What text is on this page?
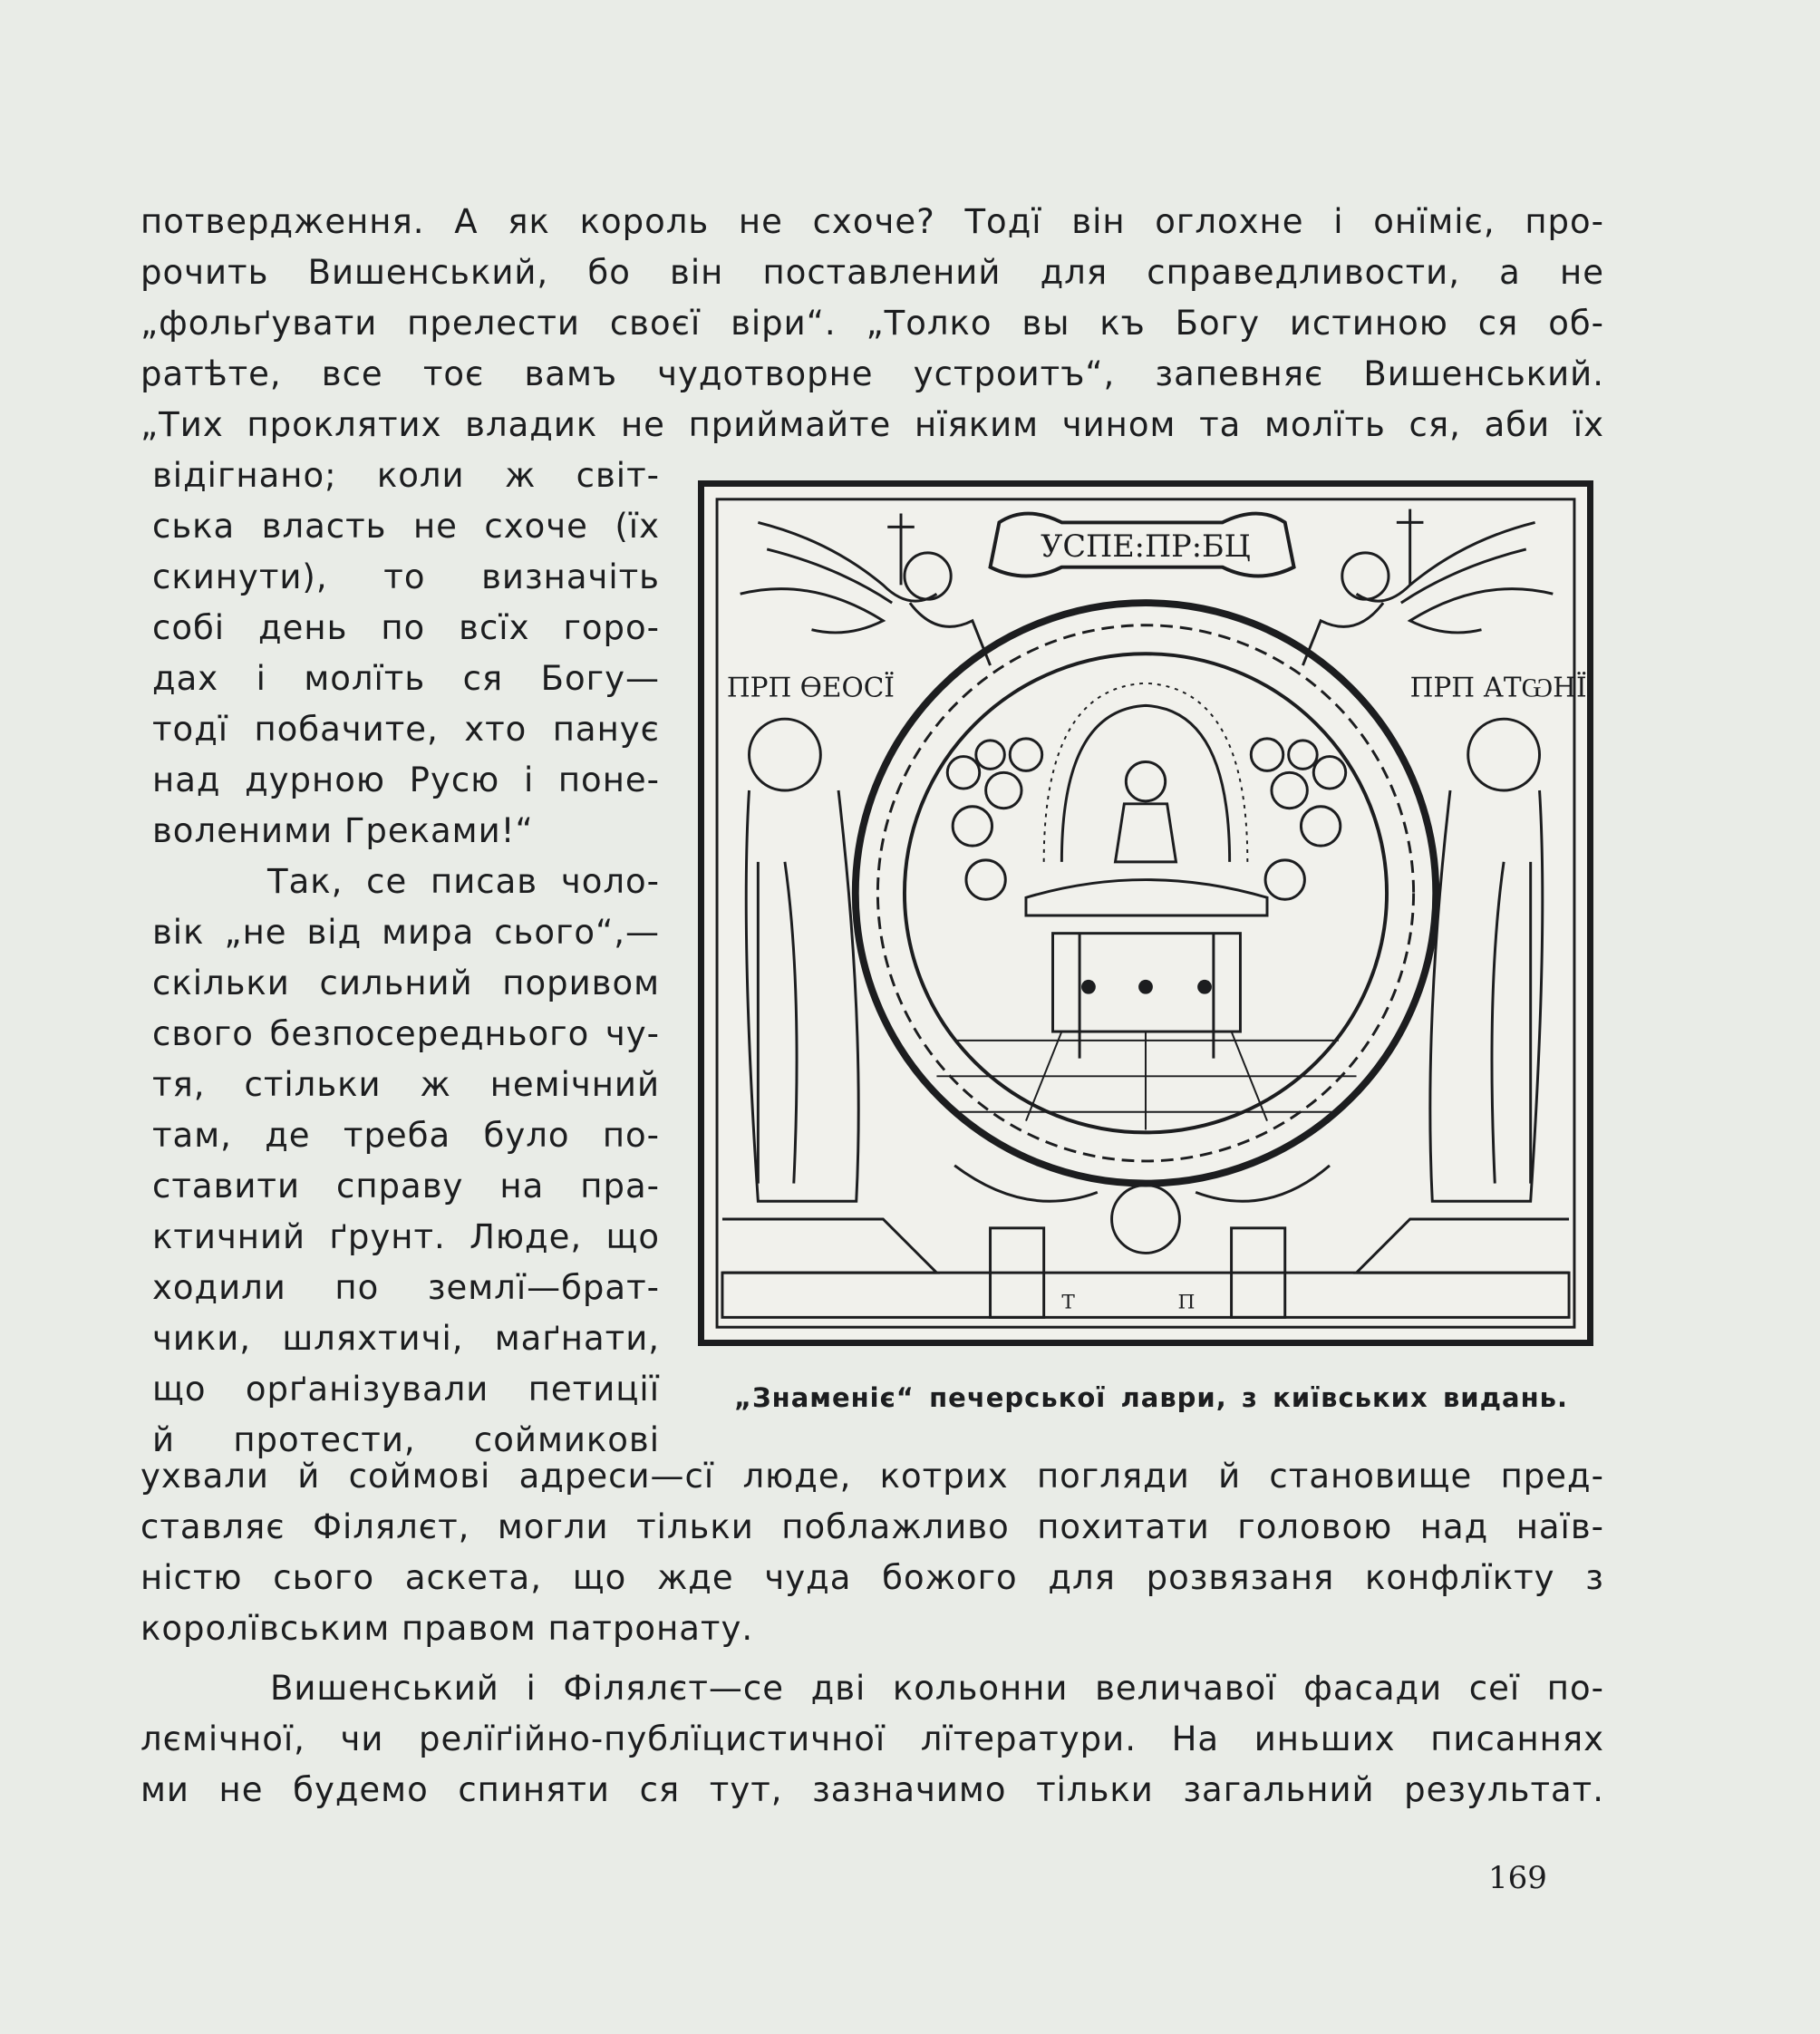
потвердження. А як король не схоче? Тодї він оглохне і онїміє, про-
рочить Вишенський, бо він поставлений для справедливости, а не
„фольґувати прелести своєї віри“. „Толко вы къ Богу истиною ся об-
ратѣте, все тоє вамъ чудотворне устроитъ“, запевняє Вишенський.
„Тих проклятих владик не приймайте нїяким чином та молїть ся, аби їх
відігнано; коли ж світ-
ська власть не схоче (їх
скинути), то визначіть
собі день по всїх горо-
дах і молїть ся Богу—
тодї побачите, хто панує
над дурною Русю і поне-
воленими Греками!“
Так, се писав чоло-
вік „не від мира сього“,—
скільки сильний поривом
свого безпосереднього чу-
тя, стільки ж немічний
там, де треба було по-
ставити справу на пра-
ктичний ґрунт. Люде, що
ходили по землї—брат-
чики, шляхтичі, маґнати,
що орґанізували петиції
й протести, соймикові
УСПЕ:ПР:БЦ
ПРП ѲЕОСЇ	ПРП АТѠНЇ
Т	П
„Знаменіє“ печерської лаври, з київських видань.
ухвали й соймові адреси—сї люде, котрих погляди й становище пред-
ставляє Філялєт, могли тільки поблажливо похитати головою над наїв-
ністю сього аскета, що жде чуда божого для розвязаня конфлїкту з
королївським правом патронату.
Вишенський і Філялєт—се дві кольонни величавої фасади сеї по-
лємічної, чи релїґійно-публїцистичної лїтератури. На иньших писаннях
ми не будемо спиняти ся тут, зазначимо тільки загальний результат.
169
